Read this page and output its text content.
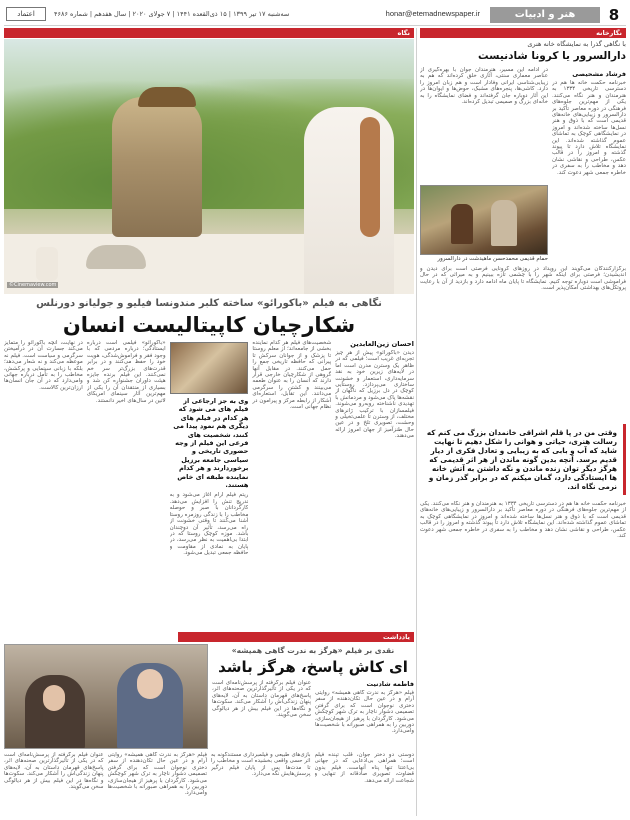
8
هنر و ادبیات
honar@etemadnewspaper.ir
سه‌شنبه ۱۷ تیر ۱۳۹۹ | ۱۵ ذی‌القعده ۱۴۴۱ | ۷ جولای ۲۰۲۰ | سال هفدهم | شماره ۴۶۸۶
اعتماد
نگارخانه
با نگاهی گذرا به نمایشگاه خانه هنری
دارالسرور یا کرونا شادنیست
فرشاد مشحیصی
خبرنامه حکمت خانه ها هم در دسترسی تاریخی ۱۳۳۴ به هنرمندان و هنر نگاه می‌کنند. یکی از مهم‌ترین جلوه‌های فرهنگی در دوره معاصر تأکید بر دارالسرور و زیبایی‌های خانه‌های قدیمی است که با ذوق و هنر نسل‌ها ساخته شده‌اند و امروز در نمایشگاهی کوچک به تماشای عموم گذاشته شده‌اند. این نمایشگاه تلاش دارد تا پیوند گذشته و امروز را در قالب عکس، طراحی و نقاشی نشان دهد و مخاطب را به سفری در خاطره جمعی شهر دعوت کند.
در ادامه این مسیر، هنرمندان جوان با بهره‌گیری از عناصر معماری سنتی، آثاری خلق کرده‌اند که هم به زیبایی‌شناسی ایرانی وفادار است و هم زبان امروز را دارد. کاشی‌ها، پنجره‌های مشبک، حوض‌ها و ایوان‌ها در این آثار دوباره جان گرفته‌اند و فضای نمایشگاه را به خانه‌ای بزرگ و صمیمی تبدیل کرده‌اند.
حمام قدیمی محمدحسن ماهیدشت در دارالسرور
برگزارکنندگان می‌گویند این رویداد در روزهای کرونایی فرصتی است برای دیدن و اندیشیدن؛ فرصتی برای اینکه شهر را با چشمی تازه ببینیم و به میراثی که در حال فراموشی است دوباره توجه کنیم. نمایشگاه تا پایان ماه ادامه دارد و بازدید از آن با رعایت پروتکل‌های بهداشتی امکان‌پذیر است.
وقتی من در پا قلم اشراقی خانمدان بزرگ می کنم که رسالت هنری، حیاتی و هوانی را شکل دهیم تا نهایت شاید که آب و بابی که به زیبایی و تعادل فکری از دیار قدیم برسد. آنچه بدین گونه ماندن از هر اثر قدیمی که هرگز دیگر توان زنده ماندن و نگه داشتن به آتش خانه ها ایستادگی دارد، گمان میکنم که در برابر گذر زمان و نرمی نگاه اند.
خبرنامه حکمت خانه ها هم در دسترسی تاریخی ۱۳۳۴ به هنرمندان و هنر نگاه می‌کنند. یکی از مهم‌ترین جلوه‌های فرهنگی در دوره معاصر تأکید بر دارالسرور و زیبایی‌های خانه‌های قدیمی است که با ذوق و هنر نسل‌ها ساخته شده‌اند و امروز در نمایشگاهی کوچک به تماشای عموم گذاشته شده‌اند. این نمایشگاه تلاش دارد تا پیوند گذشته و امروز را در قالب عکس، طراحی و نقاشی نشان دهد و مخاطب را به سفری در خاطره جمعی شهر دعوت کند.
نگاه
©Cinemaview.com
نگاهی به فیلم «باکورائو» ساخته کلبر مندونسا فیلیو و جولیانو دورنلس
شکارچیان کاپیتالیست انسان
احسان زین‌العابدین
دیدن «باکورائو» پیش از هر چیز تجربه‌ای غریب است؛ فیلمی که در ظاهر یک وسترن مدرن است اما در لایه‌های زیرین خود به نقد سرمایه‌داری، استعمار و خشونت ساختاری می‌پردازد. روستایی کوچک در دل برزیل که ناگهان از نقشه‌ها پاک می‌شود و مردمانش با تهدیدی ناشناخته روبه‌رو می‌شوند. فیلمسازان با ترکیب ژانرهای مختلف، از وسترن تا علمی‌تخیلی و وحشت، تصویری تلخ و در عین حال طنزآمیز از جهان امروز ارائه می‌دهند.
شخصیت‌های فیلم هر کدام نماینده بخشی از جامعه‌اند؛ از معلم روستا تا پزشک و از جوانان سرکش تا پیرانی که حافظه تاریخی جمع را حمل می‌کنند. در مقابل آنها گروهی از شکارچیان خارجی قرار دارند که انسان را به عنوان طعمه می‌بینند و کشتن را سرگرمی می‌دانند. این تقابل، استعاره‌ای آشکار از رابطه مرکز و پیرامون در نظام جهانی است.
وی به جز ارجاعی از فیلم های می شود که هر کدام در فیلم های دیگری هم نمود پیدا می کنند، شخصیت های فرعی این فیلم از وجه حضوری تاریخی و سیاسی جامعه برزیل برخوردارند و هر کدام نماینده طبقه ای خاص هستند.
ریتم فیلم آرام آغاز می‌شود و به تدریج تنش را افزایش می‌دهد. کارگردانان با صبر و حوصله مخاطب را با زندگی روزمره روستا آشنا می‌کنند تا وقتی خشونت از راه می‌رسد، تأثیر آن دوچندان باشد. موزه کوچک روستا که در ابتدا بی‌اهمیت به نظر می‌رسد، در پایان به نمادی از مقاومت و حافظه جمعی تبدیل می‌شود.
«باکورائو» فیلمی است درباره ایستادگی؛ درباره مردمی که با وجود فقر و فراموش‌شدگی، هویت خود را حفظ می‌کنند و در برابر قدرت‌های بزرگ‌تر سر خم نمی‌کنند. این فیلم برنده جایزه هیئت داوران جشنواره کن شد و بسیاری از منتقدان آن را یکی از مهم‌ترین آثار سینمای امریکای لاتین در سال‌های اخیر دانستند.
در نهایت، آنچه باکورائو را متمایز می‌کند جسارت آن در درآمیختن سرگرمی و سیاست است. فیلم نه موعظه می‌کند و نه شعار می‌دهد؛ بلکه با زبانی سینمایی و پرکشش، مخاطب را به تأمل درباره جهانی وامی‌دارد که در آن جان انسان‌ها ارزان‌ترین کالاست.
یادداشت
نقدی بر فیلم «هرگز به ندرت گاهی همیشه»
ای کاش پاسخ، هرگز باشد
فاطمه شادنیت
فیلم «هرگز به ندرت گاهی همیشه» روایتی آرام و در عین حال تکان‌دهنده از سفر دختری نوجوان است که برای گرفتن تصمیمی دشوار ناچار به ترک شهر کوچکش می‌شود. کارگردان با پرهیز از هیجان‌سازی، دوربین را به همراهی صبورانه با شخصیت‌ها وامی‌دارد.
عنوان فیلم برگرفته از پرسش‌نامه‌ای است که در یکی از تأثیرگذارترین صحنه‌های اثر، پاسخ‌های قهرمان داستان به آن، لایه‌های پنهان زندگی‌اش را آشکار می‌کند. سکوت‌ها و نگاه‌ها در این فیلم بیش از هر دیالوگی سخن می‌گویند.
دوستی دو دختر جوان، قلب تپنده فیلم است؛ همراهی بی‌ادعایی که در جهانی بی‌اعتنا تنها پناه آنهاست. فیلم بدون قضاوت، تصویری صادقانه از تنهایی و شجاعت ارائه می‌دهد.
بازی‌های طبیعی و فیلمبرداری مستندگونه به اثر حسی واقعی بخشیده است و مخاطب را تا مدت‌ها پس از پایان فیلم درگیر پرسش‌هایش نگه می‌دارد.
فیلم «هرگز به ندرت گاهی همیشه» روایتی آرام و در عین حال تکان‌دهنده از سفر دختری نوجوان است که برای گرفتن تصمیمی دشوار ناچار به ترک شهر کوچکش می‌شود. کارگردان با پرهیز از هیجان‌سازی، دوربین را به همراهی صبورانه با شخصیت‌ها وامی‌دارد.
عنوان فیلم برگرفته از پرسش‌نامه‌ای است که در یکی از تأثیرگذارترین صحنه‌های اثر، پاسخ‌های قهرمان داستان به آن، لایه‌های پنهان زندگی‌اش را آشکار می‌کند. سکوت‌ها و نگاه‌ها در این فیلم بیش از هر دیالوگی سخن می‌گویند.
